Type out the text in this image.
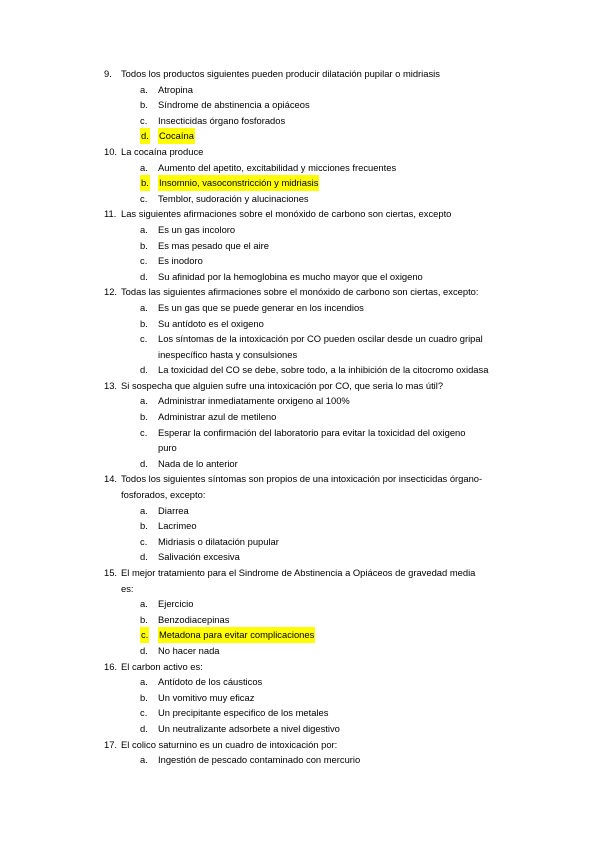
9. Todos los productos siguientes pueden producir dilatación pupilar o midriasis
a. Atropina
b. Síndrome de abstinencia a opiáceos
c. Insecticidas órgano fosforados
d. Cocaína
10. La cocaína produce
a. Aumento del apetito, excitabilidad y micciones frecuentes
b. Insomnio, vasoconstricción y midriasis
c. Temblor, sudoración y alucinaciones
11. Las siguientes afirmaciones sobre el monóxido de carbono son ciertas, excepto
a. Es un gas incoloro
b. Es mas pesado que el aire
c. Es inodoro
d. Su afinidad por la hemoglobina es mucho mayor que el oxigeno
12. Todas las siguientes afirmaciones sobre el monóxido de carbono son ciertas, excepto:
a. Es un gas que se puede generar en los incendios
b. Su antídoto es el oxigeno
c. Los síntomas de la intoxicación por CO pueden oscilar desde un cuadro gripal
inespecífico hasta y consulsiones
d. La toxicidad del CO se debe, sobre todo, a la inhibición de la citocromo oxidasa
13. Si sospecha que alguien sufre una intoxicación por CO, que seria lo mas útil?
a. Administrar inmediatamente orxigeno al 100%
b. Administrar azul de metileno
c. Esperar la confirmación del laboratorio para evitar la toxicidad del oxigeno
puro
d. Nada de lo anterior
14. Todos los siguientes síntomas son propios de una intoxicación por insecticidas órgano-
fosforados, excepto:
a. Diarrea
b. Lacrimeo
c. Midriasis o dilatación pupular
d. Salivación excesiva
15. El mejor tratamiento para el Sindrome de Abstinencia a Opiáceos de gravedad media
es:
a. Ejercicio
b. Benzodiacepinas
c. Metadona para evitar complicaciones
d. No hacer nada
16. El carbon activo es:
a. Antídoto de los cáusticos
b. Un vomitivo muy eficaz
c. Un precipitante especifico de los metales
d. Un neutralizante adsorbete a nivel digestivo
17. El colico saturnino es un cuadro de intoxicación por:
a. Ingestión de pescado contaminado con mercurio
